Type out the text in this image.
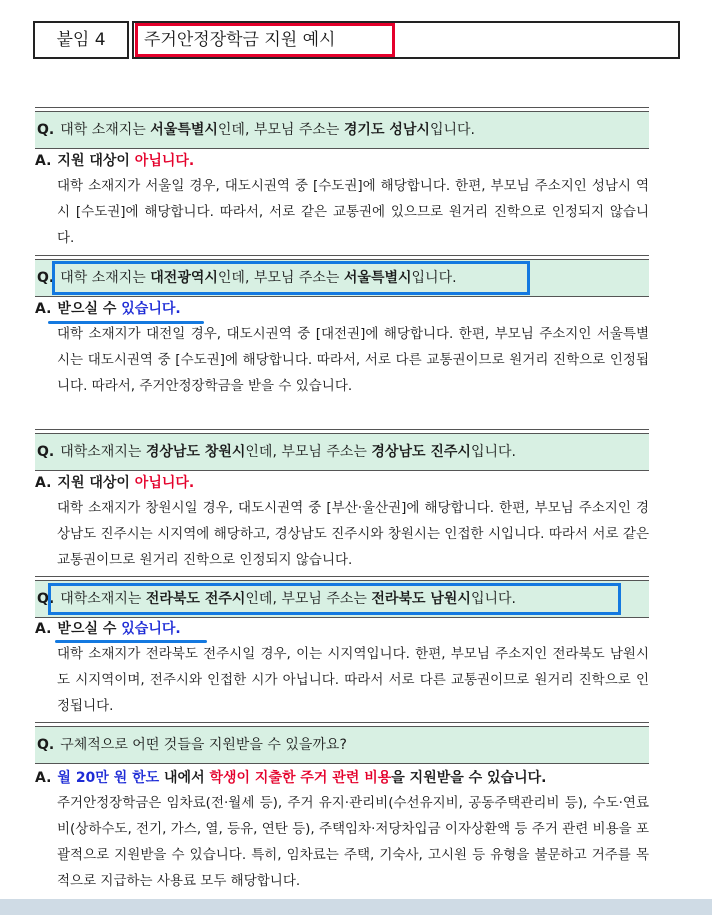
붙임 4	주거안정장학금 지원 예시
Q. 대학 소재지는 서울특별시인데, 부모님 주소는 경기도 성남시입니다.
A. 지원 대상이 아닙니다.
대학 소재지가 서울일 경우, 대도시권역 중 [수도권]에 해당합니다. 한편, 부모님 주소지인 성남시 역시 [수도권]에 해당합니다. 따라서, 서로 같은 교통권에 있으므로 원거리 진학으로 인정되지 않습니다.
Q. 대학 소재지는 대전광역시인데, 부모님 주소는 서울특별시입니다.
A. 받으실 수 있습니다.
대학 소재지가 대전일 경우, 대도시권역 중 [대전권]에 해당합니다. 한편, 부모님 주소지인 서울특별시는 대도시권역 중 [수도권]에 해당합니다. 따라서, 서로 다른 교통권이므로 원거리 진학으로 인정됩니다. 따라서, 주거안정장학금을 받을 수 있습니다.
Q. 대학소재지는 경상남도 창원시인데, 부모님 주소는 경상남도 진주시입니다.
A. 지원 대상이 아닙니다.
대학 소재지가 창원시일 경우, 대도시권역 중 [부산·울산권]에 해당합니다. 한편, 부모님 주소지인 경상남도 진주시는 시지역에 해당하고, 경상남도 진주시와 창원시는 인접한 시입니다. 따라서 서로 같은 교통권이므로 원거리 진학으로 인정되지 않습니다.
Q. 대학소재지는 전라북도 전주시인데, 부모님 주소는 전라북도 남원시입니다.
A. 받으실 수 있습니다.
대학 소재지가 전라북도 전주시일 경우, 이는 시지역입니다. 한편, 부모님 주소지인 전라북도 남원시도 시지역이며, 전주시와 인접한 시가 아닙니다. 따라서 서로 다른 교통권이므로 원거리 진학으로 인정됩니다.
Q. 구체적으로 어떤 것들을 지원받을 수 있을까요?
A. 월 20만 원 한도 내에서 학생이 지출한 주거 관련 비용을 지원받을 수 있습니다.
주거안정장학금은 임차료(전·월세 등), 주거 유지·관리비(수선유지비, 공동주택관리비 등), 수도·연료비(상하수도, 전기, 가스, 열, 등유, 연탄 등), 주택임차·저당차입금 이자상환액 등 주거 관련 비용을 포괄적으로 지원받을 수 있습니다. 특히, 임차료는 주택, 기숙사, 고시원 등 유형을 불문하고 거주를 목적으로 지급하는 사용료 모두 해당합니다.
